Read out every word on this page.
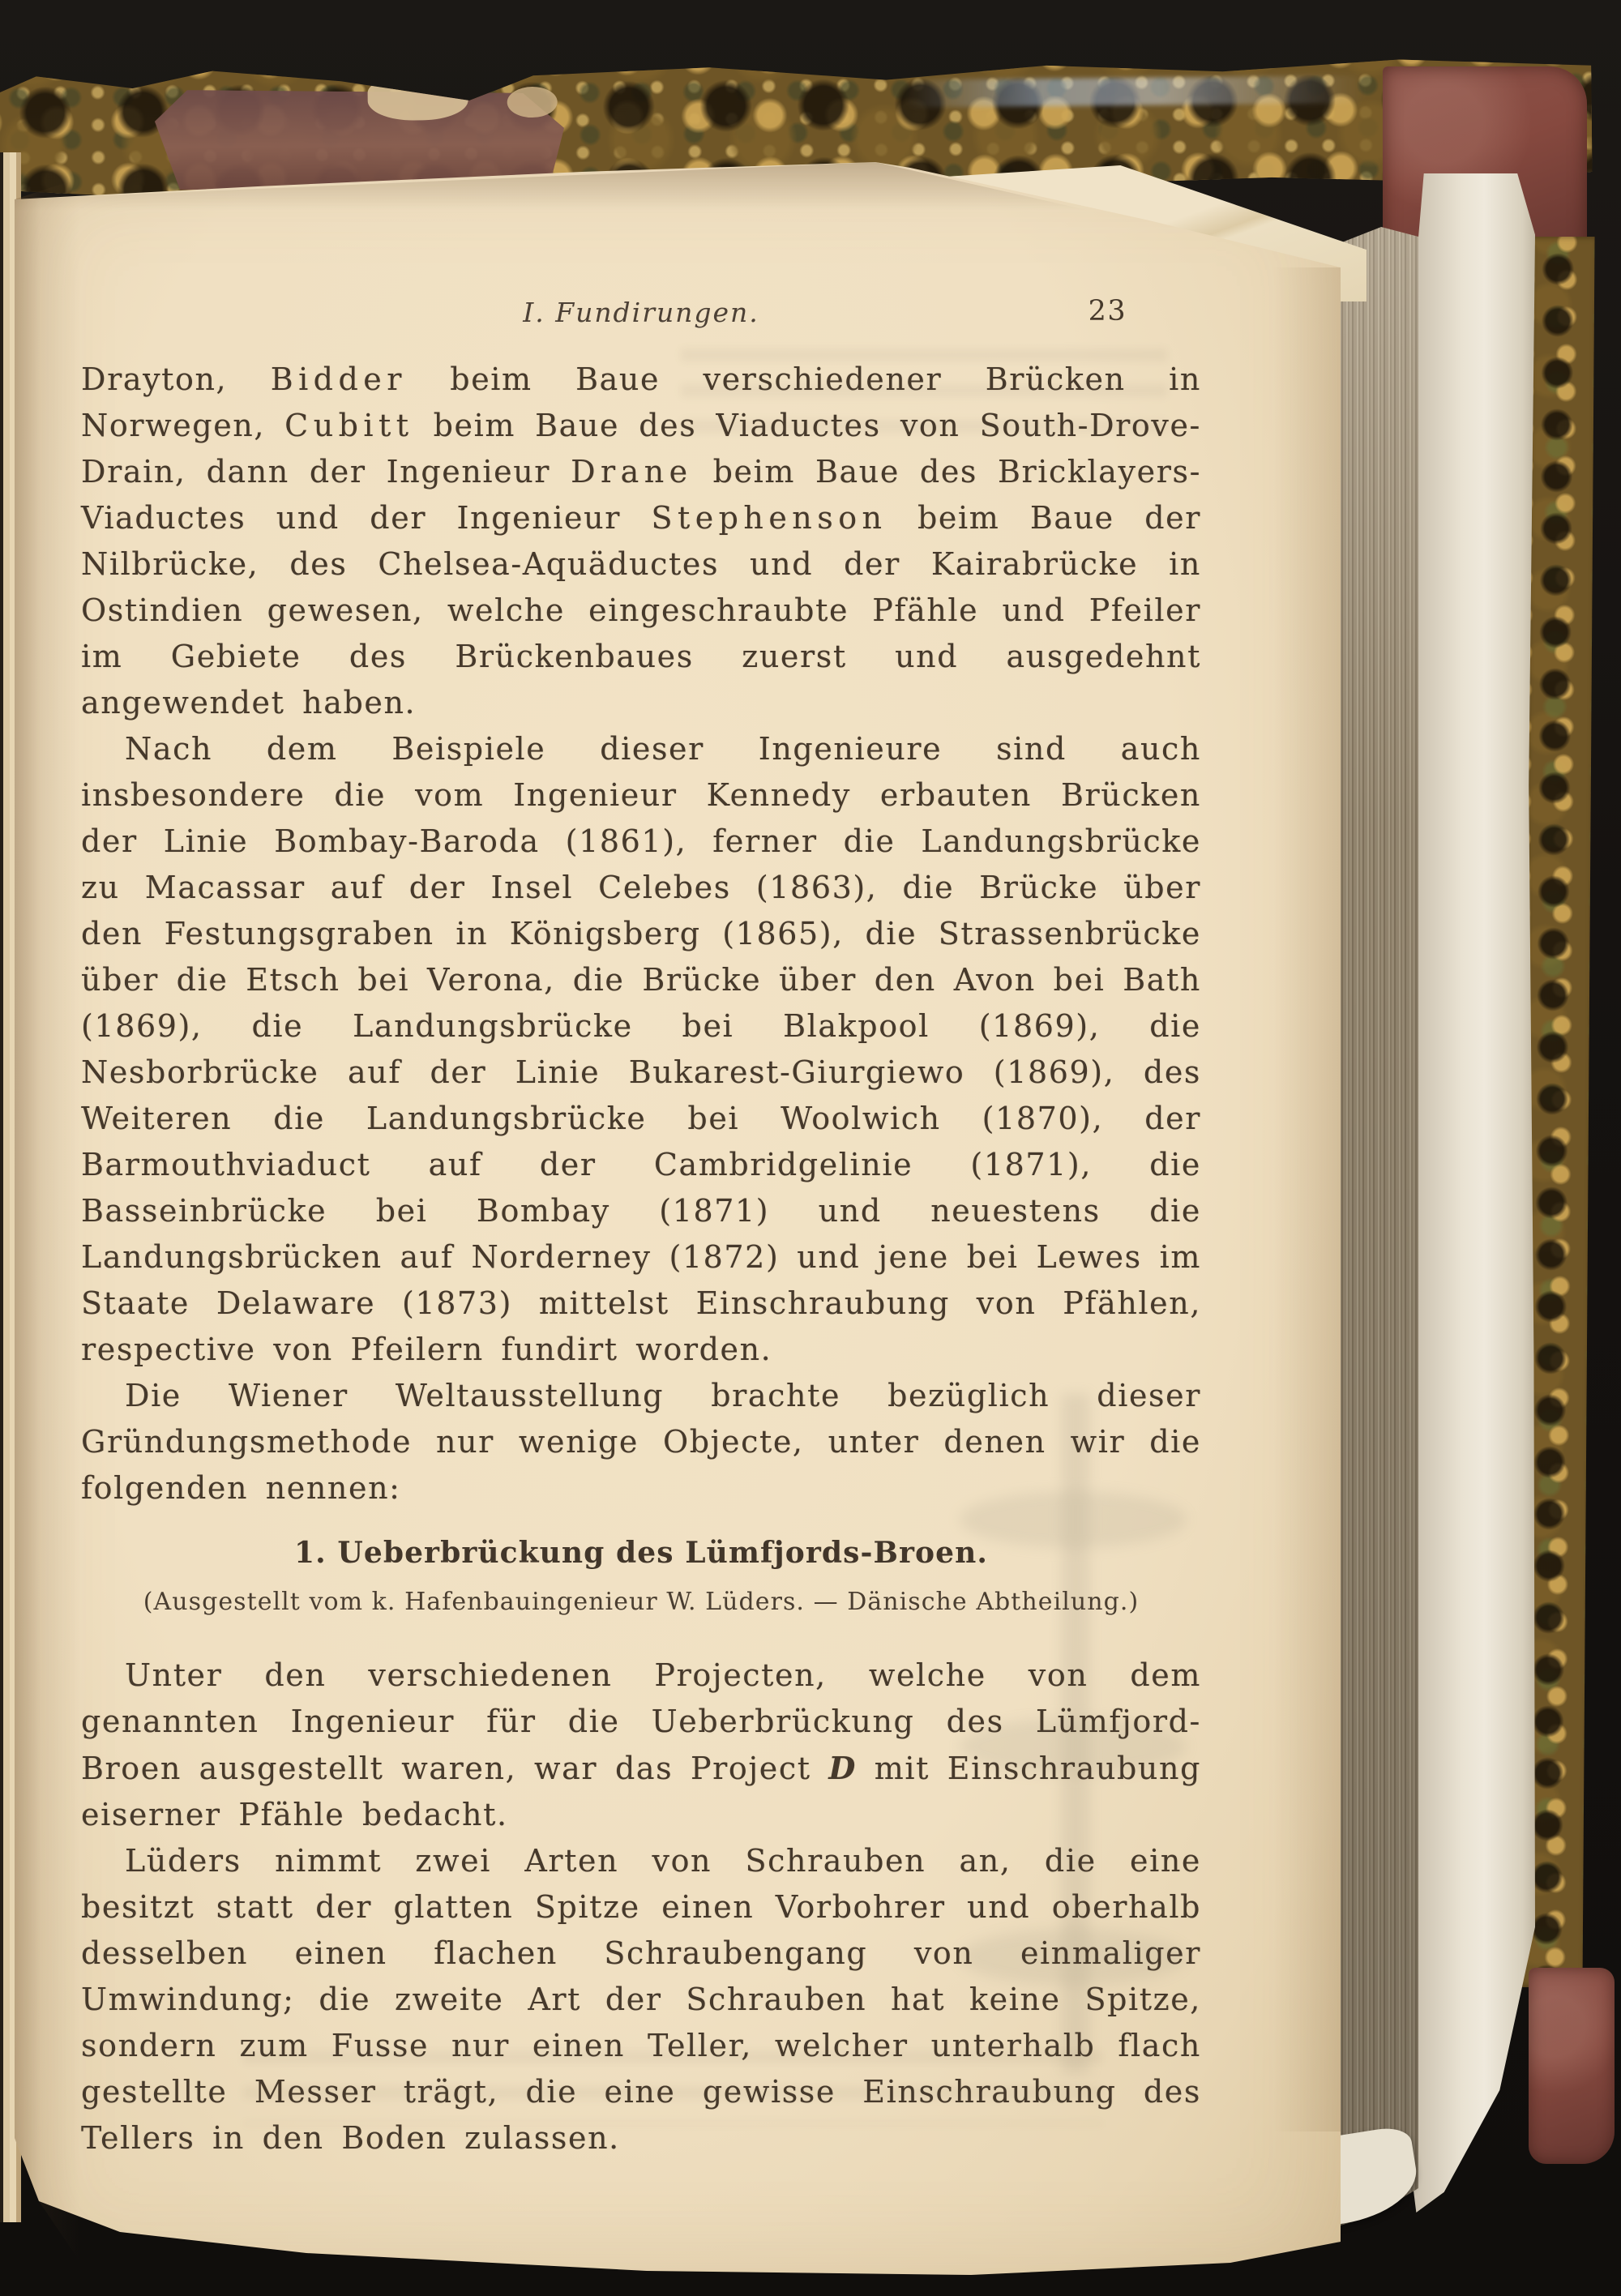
I. Fundirungen.	23

Drayton, Bidder beim Baue verschiedener Brücken in Norwegen, Cubitt beim Baue des Viaductes von South-Drove-Drain, dann der Ingenieur Drane beim Baue des Bricklayers-Viaductes und der Ingenieur Stephenson beim Baue der Nilbrücke, des Chelsea-Aquäductes und der Kairabrücke in Ostindien gewesen, welche eingeschraubte Pfähle und Pfeiler im Gebiete des Brückenbaues zuerst und ausgedehnt angewendet haben.

Nach dem Beispiele dieser Ingenieure sind auch insbesondere die vom Ingenieur Kennedy erbauten Brücken der Linie Bombay-Baroda (1861), ferner die Landungsbrücke zu Macassar auf der Insel Celebes (1863), die Brücke über den Festungsgraben in Königsberg (1865), die Strassenbrücke über die Etsch bei Verona, die Brücke über den Avon bei Bath (1869), die Landungsbrücke bei Blakpool (1869), die Nesborbrücke auf der Linie Bukarest-Giurgiewo (1869), des Weiteren die Landungsbrücke bei Woolwich (1870), der Barmouthviaduct auf der Cambridgelinie (1871), die Basseinbrücke bei Bombay (1871) und neuestens die Landungsbrücken auf Norderney (1872) und jene bei Lewes im Staate Delaware (1873) mittelst Einschraubung von Pfählen, respective von Pfeilern fundirt worden.

Die Wiener Weltausstellung brachte bezüglich dieser Gründungsmethode nur wenige Objecte, unter denen wir die folgenden nennen:

1. Ueberbrückung des Lümfjords-Broen.
(Ausgestellt vom k. Hafenbauingenieur W. Lüders. — Dänische Abtheilung.)

Unter den verschiedenen Projecten, welche von dem genannten Ingenieur für die Ueberbrückung des Lümfjord-Broen ausgestellt waren, war das Project D mit Einschraubung eiserner Pfähle bedacht.

Lüders nimmt zwei Arten von Schrauben an, die eine besitzt statt der glatten Spitze einen Vorbohrer und oberhalb desselben einen flachen Schraubengang von einmaliger Umwindung; die zweite Art der Schrauben hat keine Spitze, sondern zum Fusse nur einen Teller, welcher unterhalb flach gestellte Messer trägt, die eine gewisse Einschraubung des Tellers in den Boden zulassen.
